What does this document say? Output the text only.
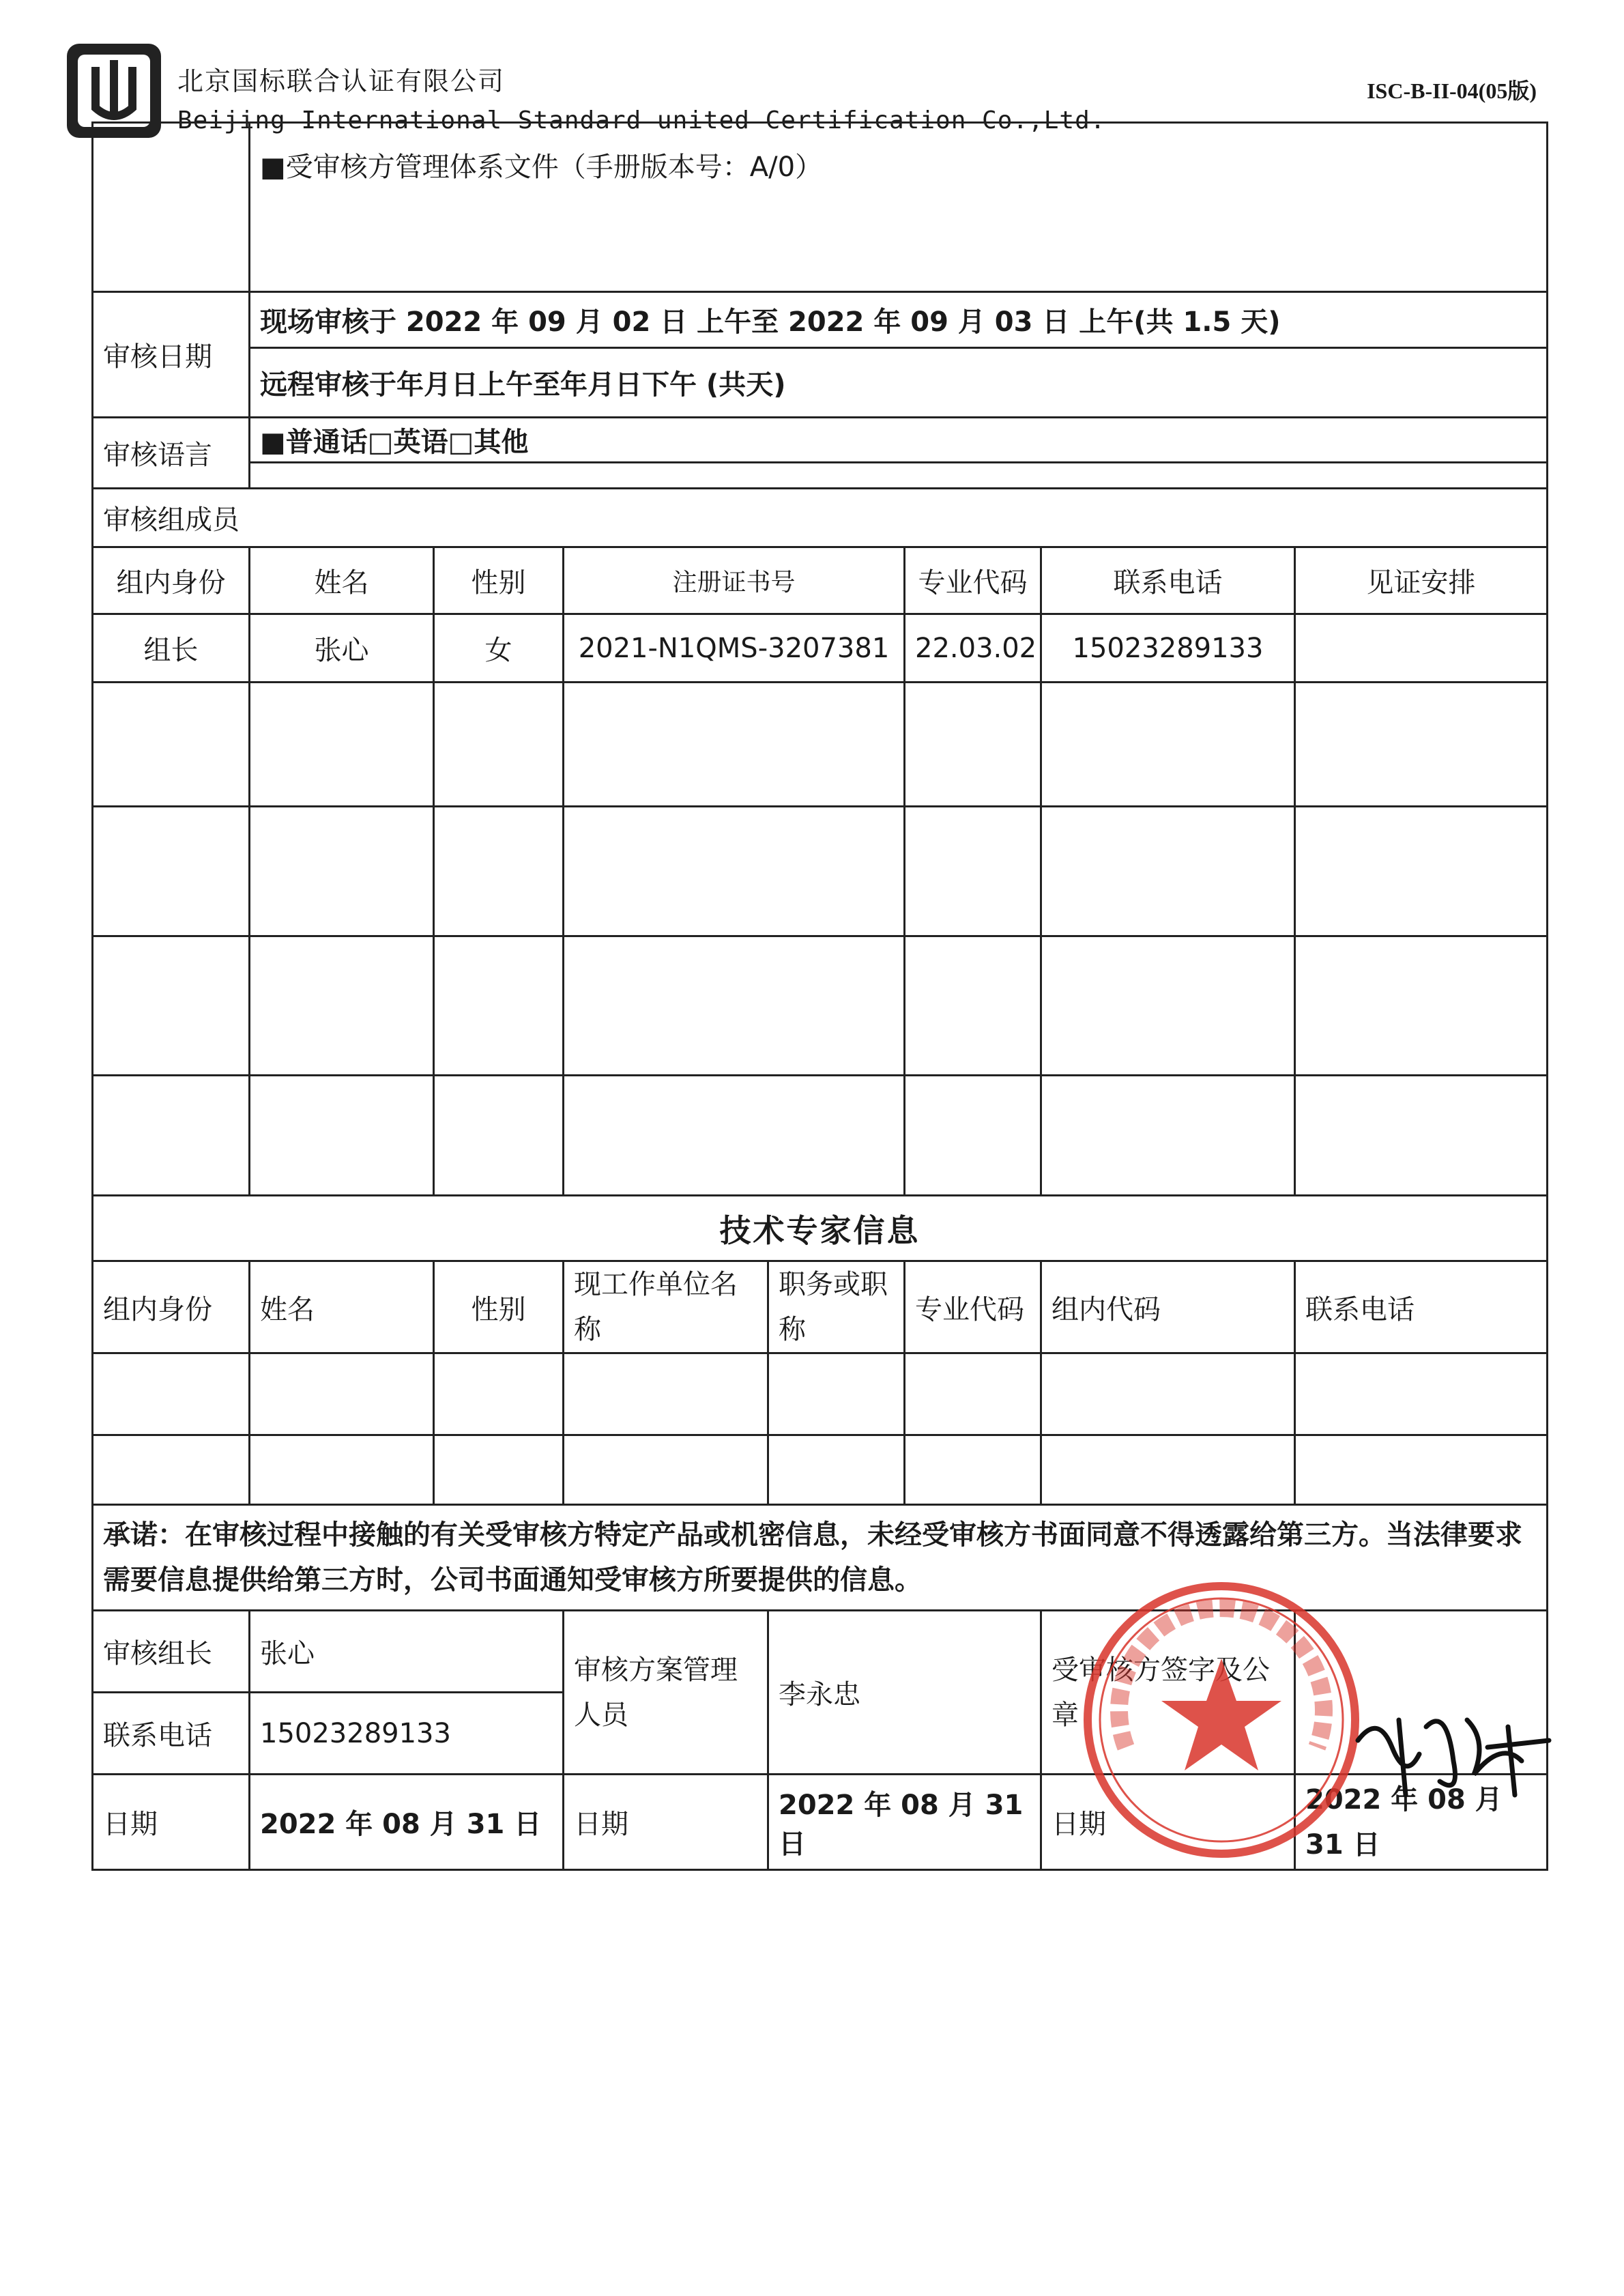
北京国标联合认证有限公司
Beijing International Standard united Certification Co.,Ltd.
ISC-B-II-04(05版)

■受审核方管理体系文件（手册版本号：A/0）

审核日期	
现场审核于 2022 年 09 月 02 日 上午至 2022 年 09 月 03 日 上午(共 1.5 天)
远程审核于年月日上午至年月日下午 (共天)

审核语言	■普通话□英语□其他

审核组成员
组内身份	姓名	性别	注册证书号	专业代码	联系电话	见证安排
组长	张心	女	2021-N1QMS-3207381	22.03.02	15023289133	

技术专家信息
组内身份	姓名	性别	现工作单位名称	职务或职称	专业代码	组内代码	联系电话

承诺：在审核过程中接触的有关受审核方特定产品或机密信息，未经受审核方书面同意不得透露给第三方。当法律要求需要信息提供给第三方时，公司书面通知受审核方所要提供的信息。
审核组长	张心	审核方案管理人员	李永忠	受审核方签字及公章	
联系电话	15023289133
日期	2022 年 08 月 31 日	日期	2022 年 08 月 31 日	日期	2022 年 08 月 31 日
